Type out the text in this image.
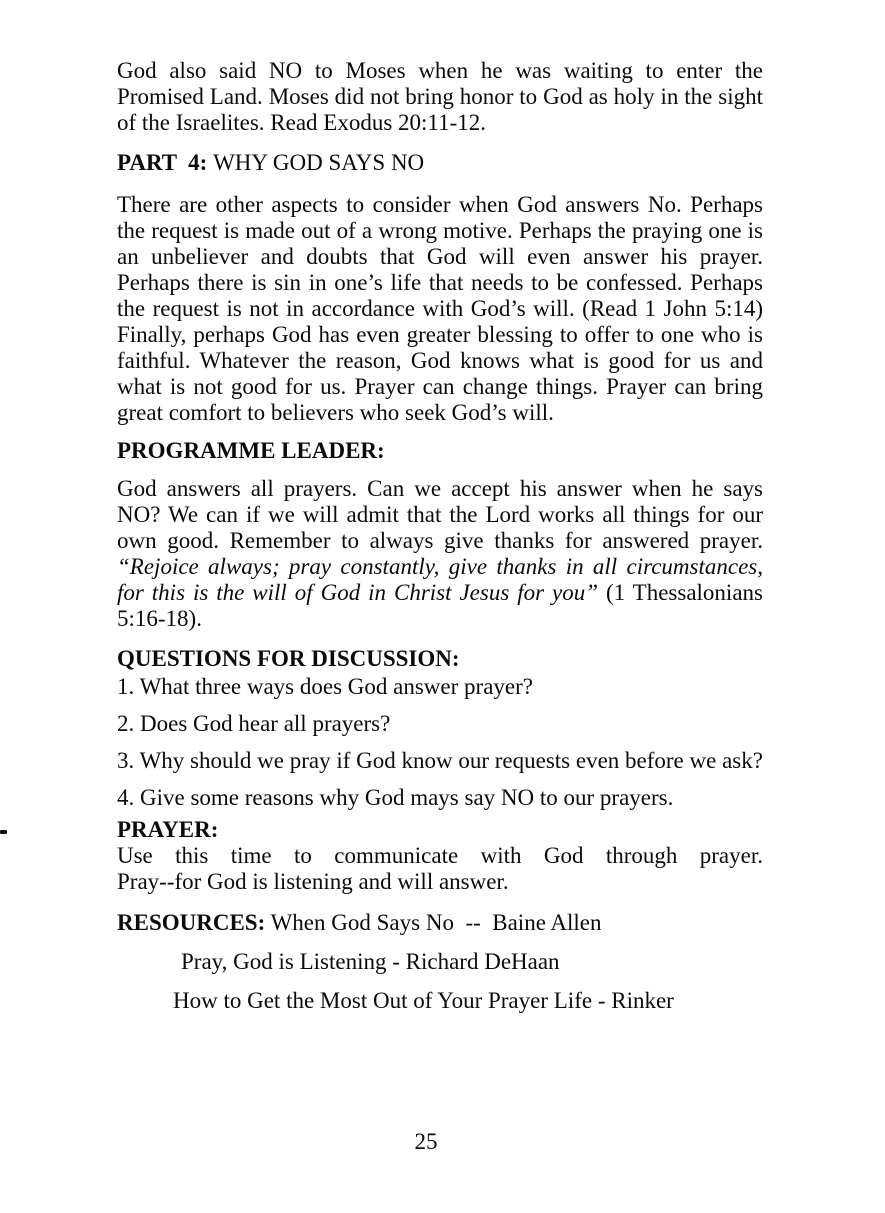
God also said NO to Moses when he was waiting to enter the Promised Land. Moses did not bring honor to God as holy in the sight of the Israelites. Read Exodus 20:11-12.

PART  4: WHY GOD SAYS NO

There are other aspects to consider when God answers No. Perhaps the request is made out of a wrong motive. Perhaps the praying one is an unbeliever and doubts that God will even answer his prayer. Perhaps there is sin in one’s life that needs to be confessed. Perhaps the request is not in accordance with God’s will. (Read 1 John 5:14) Finally, perhaps God has even greater blessing to offer to one who is faithful. Whatever the reason, God knows what is good for us and what is not good for us. Prayer can change things. Prayer can bring great comfort to believers who seek God’s will.

PROGRAMME LEADER:

God answers all prayers. Can we accept his answer when he says NO? We can if we will admit that the Lord works all things for our own good. Remember to always give thanks for answered prayer. “Rejoice always; pray constantly, give thanks in all circumstances, for this is the will of God in Christ Jesus for you” (1 Thessalonians 5:16-18).

QUESTIONS FOR DISCUSSION:

1. What three ways does God answer prayer?

2. Does God hear all prayers?

3. Why should we pray if God know our requests even before we ask?

4. Give some reasons why God mays say NO to our prayers.

PRAYER:

Use this time to communicate with God through prayer.

Pray--for God is listening and will answer.

RESOURCES: When God Says No  --  Baine Allen

Pray, God is Listening - Richard DeHaan

How to Get the Most Out of Your Prayer Life - Rinker

25
